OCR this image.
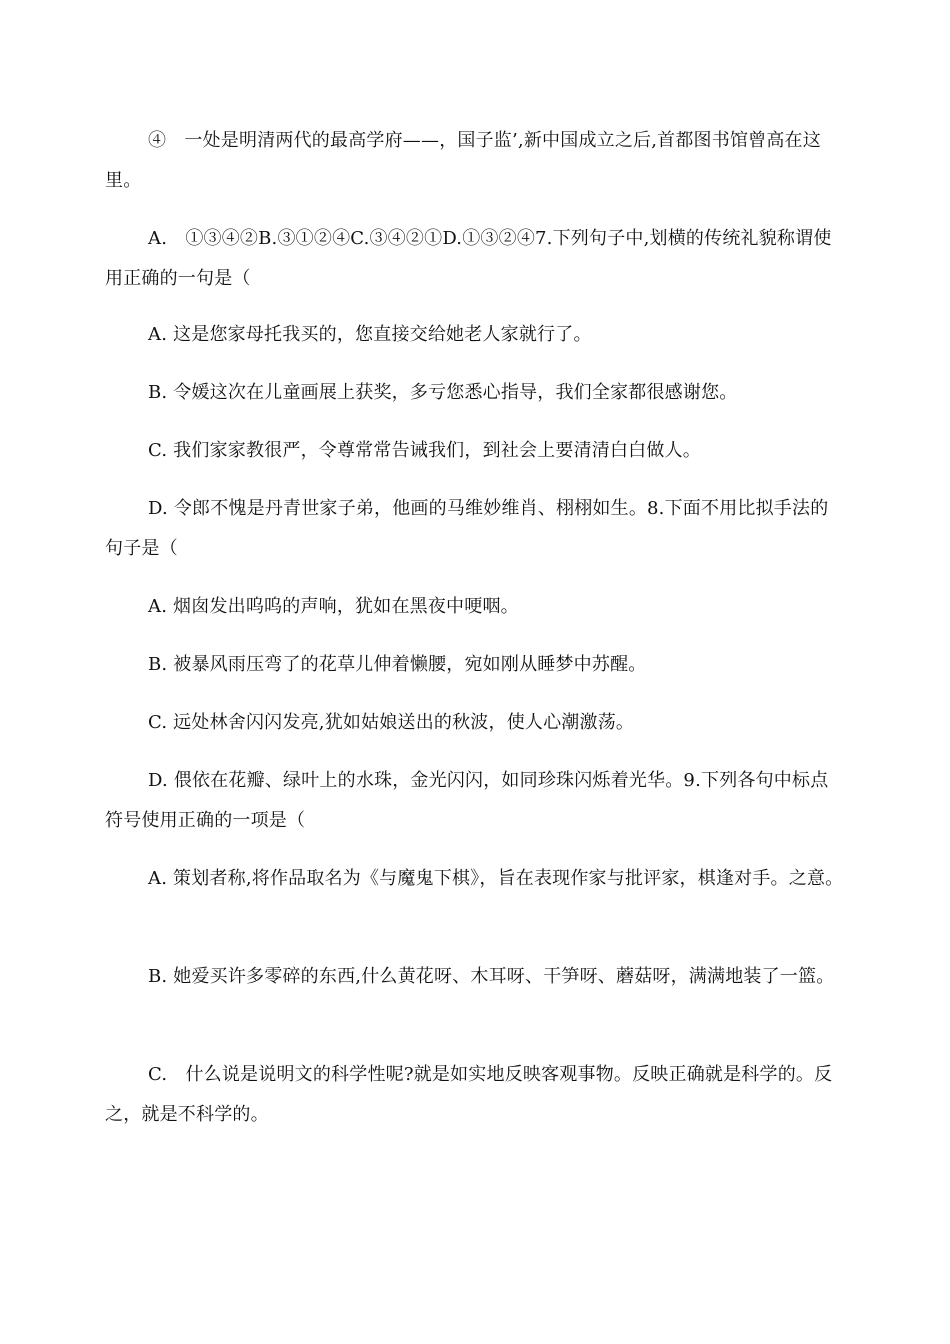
④　一处是明清两代的最高学府——，国子监’,新中国成立之后,首都图书馆曾高在这里。

A.　①③④②B.③①②④C.③④②①D.①③②④7.下列句子中,划横的传统礼貌称谓使用正确的一句是（

A. 这是您家母托我买的，您直接交给她老人家就行了。

B. 令媛这次在儿童画展上获奖，多亏您悉心指导，我们全家都很感谢您。

C. 我们家家教很严，令尊常常告诫我们，到社会上要清清白白做人。

D. 令郎不愧是丹青世家子弟，他画的马维妙维肖、栩栩如生。8.下面不用比拟手法的句子是（

A. 烟囱发出呜呜的声响，犹如在黑夜中哽咽。

B. 被暴风雨压弯了的花草儿伸着懒腰，宛如刚从睡梦中苏醒。

C. 远处林舍闪闪发亮,犹如姑娘送出的秋波，使人心潮激荡。

D. 偎依在花瓣、绿叶上的水珠，金光闪闪，如同珍珠闪烁着光华。9.下列各句中标点符号使用正确的一项是（

A. 策划者称,将作品取名为《与魔鬼下棋》，旨在表现作家与批评家，棋逢对手。之意。

B. 她爱买许多零碎的东西,什么黄花呀、木耳呀、干笋呀、蘑菇呀，满满地装了一篮。

C.　什么说是说明文的科学性呢?就是如实地反映客观事物。反映正确就是科学的。反之，就是不科学的。
